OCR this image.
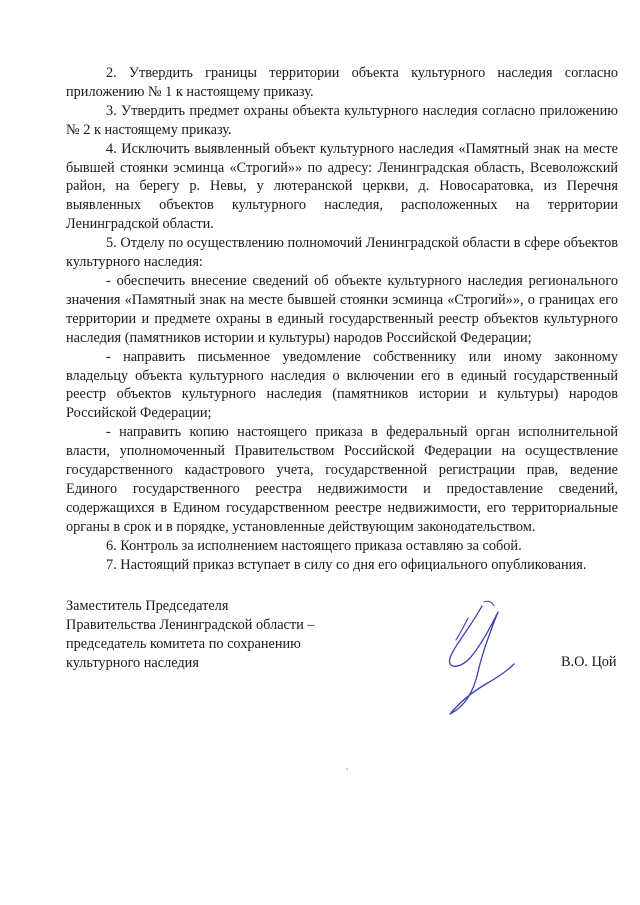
2. Утвердить границы территории объекта культурного наследия согласно приложению № 1 к настоящему приказу.

3. Утвердить предмет охраны объекта культурного наследия согласно приложению № 2 к настоящему приказу.

4. Исключить выявленный объект культурного наследия «Памятный знак на месте бывшей стоянки эсминца «Строгий»» по адресу: Ленинградская область, Всеволожский район, на берегу р. Невы, у лютеранской церкви, д. Новосаратовка, из Перечня выявленных объектов культурного наследия, расположенных на территории Ленинградской области.

5. Отделу по осуществлению полномочий Ленинградской области в сфере объектов культурного наследия:

- обеспечить внесение сведений об объекте культурного наследия регионального значения «Памятный знак на месте бывшей стоянки эсминца «Строгий»», о границах его территории и предмете охраны в единый государственный реестр объектов культурного наследия (памятников истории и культуры) народов Российской Федерации;

- направить письменное уведомление собственнику или иному законному владельцу объекта культурного наследия о включении его в единый государственный реестр объектов культурного наследия (памятников истории и культуры) народов Российской Федерации;

- направить копию настоящего приказа в федеральный орган исполнительной власти, уполномоченный Правительством Российской Федерации на осуществление государственного кадастрового учета, государственной регистрации прав, ведение Единого государственного реестра недвижимости и предоставление сведений, содержащихся в Едином государственном реестре недвижимости, его территориальные органы в срок и в порядке, установленные действующим законодательством.

6. Контроль за исполнением настоящего приказа оставляю за собой.

7. Настоящий приказ вступает в силу со дня его официального опубликования.

Заместитель Председателя
Правительства Ленинградской области –
председатель комитета по сохранению
культурного наследия	В.О. Цой
